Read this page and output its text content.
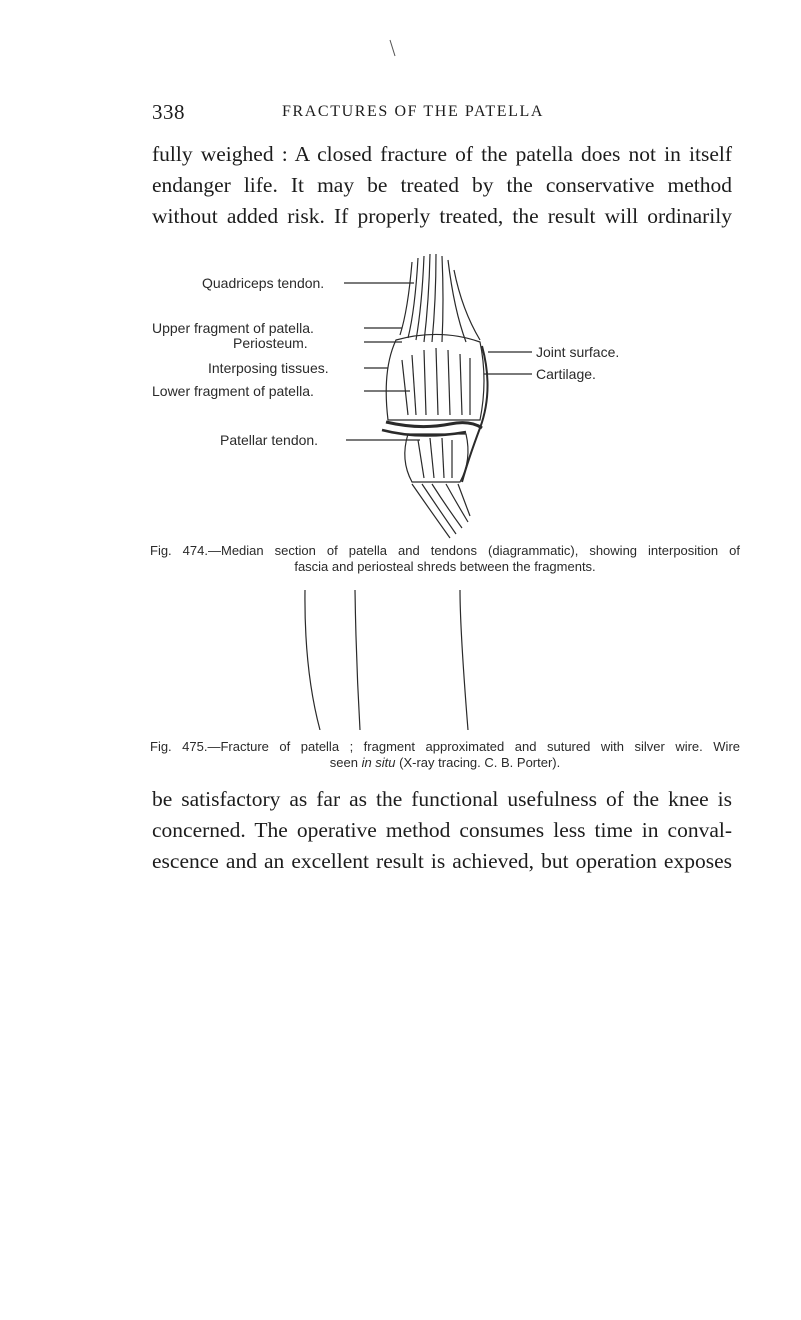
338	FRACTURES OF THE PATELLA

fully weighed : A closed fracture of the patella does not in itself
endanger life. It may be treated by the conservative method
without added risk. If properly treated, the result will ordinarily

Quadriceps tendon.
Upper fragment of patella.
Periosteum.
Interposing tissues.
Lower fragment of patella.
Patellar tendon.
Joint surface.
Cartilage.

Fig. 474.—Median section of patella and tendons (diagrammatic), showing interposition of
fascia and periosteal shreds between the fragments.

Fig. 475.—Fracture of patella ; fragment approximated and sutured with silver wire. Wire
seen in situ (X-ray tracing. C. B. Porter).

be satisfactory as far as the functional usefulness of the knee is
concerned. The operative method consumes less time in conval-
escence and an excellent result is achieved, but operation exposes
